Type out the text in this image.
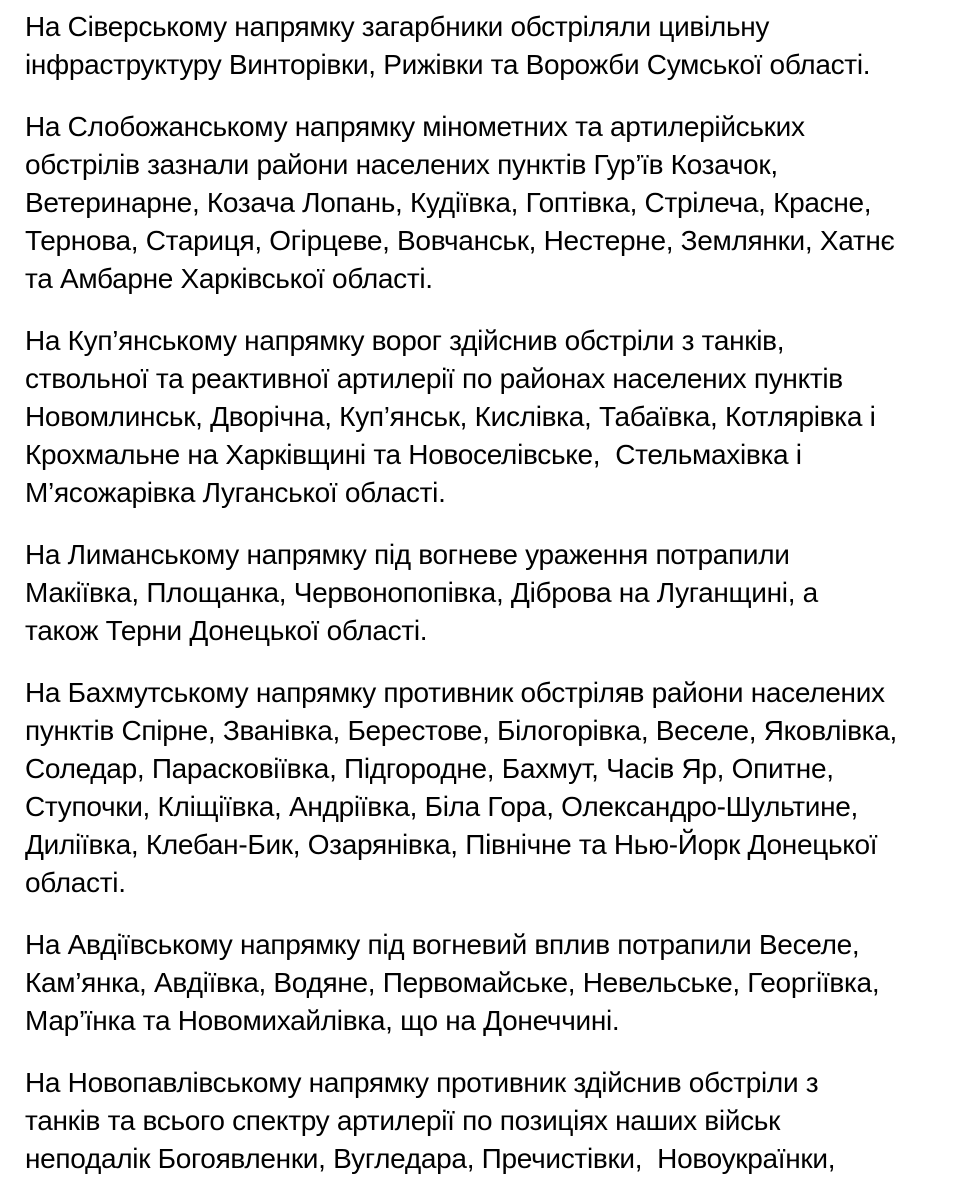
На Сіверському напрямку загарбники обстріляли цивільну
інфраструктуру Винторівки, Рижівки та Ворожби Сумської області.

На Слобожанському напрямку мінометних та артилерійських
обстрілів зазнали райони населених пунктів Гур’їв Козачок,
Ветеринарне, Козача Лопань, Кудіївка, Гоптівка, Стрілеча, Красне,
Тернова, Стариця, Огірцеве, Вовчанськ, Нестерне, Землянки, Хатнє
та Амбарне Харківської області.

На Куп’янському напрямку ворог здійснив обстріли з танків,
ствольної та реактивної артилерії по районах населених пунктів
Новомлинськ, Дворічна, Куп’янськ, Кислівка, Табаївка, Котлярівка і
Крохмальне на Харківщині та Новоселівське,  Стельмахівка і
М’ясожарівка Луганської області.

На Лиманському напрямку під вогневе ураження потрапили
Макіївка, Площанка, Червонопопівка, Діброва на Луганщині, а
також Терни Донецької області.

На Бахмутському напрямку противник обстріляв райони населених
пунктів Спірне, Званівка, Берестове, Білогорівка, Веселе, Яковлівка,
Соледар, Парасковіївка, Підгородне, Бахмут, Часів Яр, Опитне,
Ступочки, Кліщіївка, Андріївка, Біла Гора, Олександро-Шультине,
Диліївка, Клебан-Бик, Озарянівка, Північне та Нью-Йорк Донецької
області.

На Авдіївському напрямку під вогневий вплив потрапили Веселе,
Кам’янка, Авдіївка, Водяне, Первомайське, Невельське, Георгіївка,
Мар’їнка та Новомихайлівка, що на Донеччині.

На Новопавлівському напрямку противник здійснив обстріли з
танків та всього спектру артилерії по позиціях наших військ
неподалік Богоявленки, Вугледара, Пречистівки,  Новоукраїнки,
